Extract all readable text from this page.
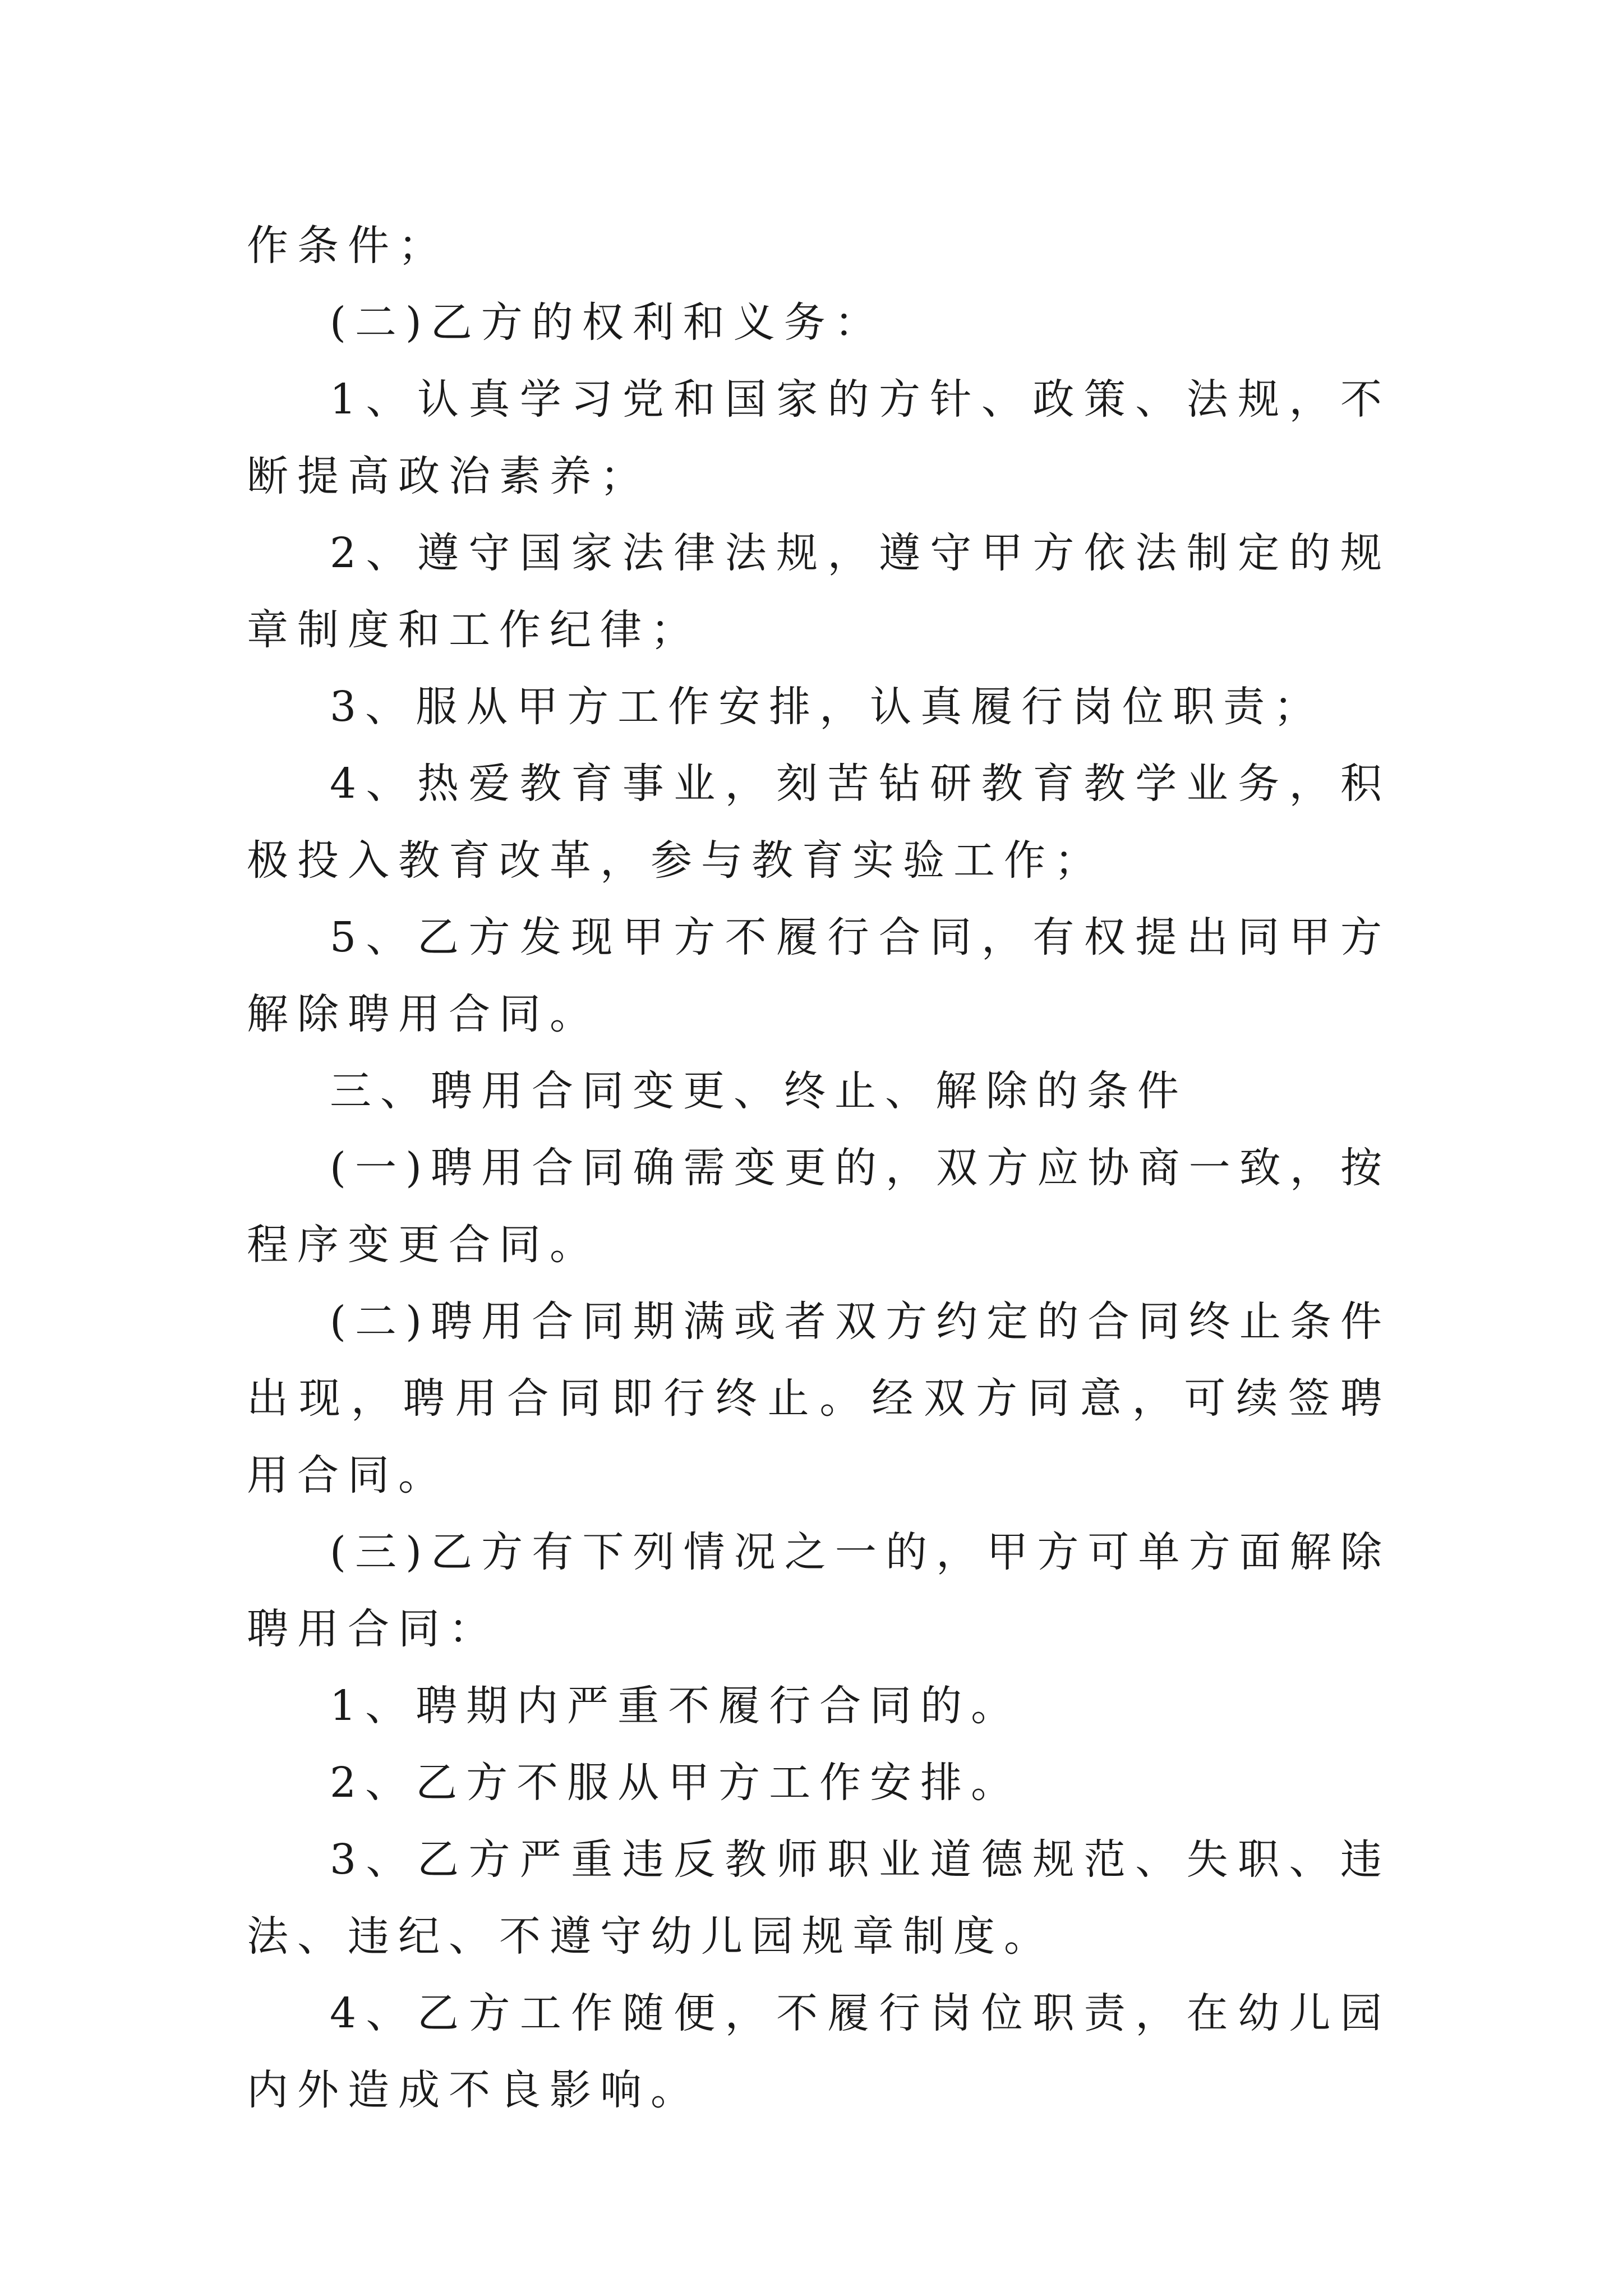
作条件；

(二)乙方的权利和义务：

1、认真学习党和国家的方针、政策、法规，不断提高政治素养；

2、遵守国家法律法规，遵守甲方依法制定的规章制度和工作纪律；

3、服从甲方工作安排，认真履行岗位职责；

4、热爱教育事业，刻苦钻研教育教学业务，积极投入教育改革，参与教育实验工作；

5、乙方发现甲方不履行合同，有权提出同甲方解除聘用合同。

三、聘用合同变更、终止、解除的条件

(一)聘用合同确需变更的，双方应协商一致，按程序变更合同。

(二)聘用合同期满或者双方约定的合同终止条件出现，聘用合同即行终止。经双方同意，可续签聘用合同。

(三)乙方有下列情况之一的，甲方可单方面解除聘用合同：

1、聘期内严重不履行合同的。

2、乙方不服从甲方工作安排。

3、乙方严重违反教师职业道德规范、失职、违法、违纪、不遵守幼儿园规章制度。

4、乙方工作随便，不履行岗位职责，在幼儿园内外造成不良影响。
